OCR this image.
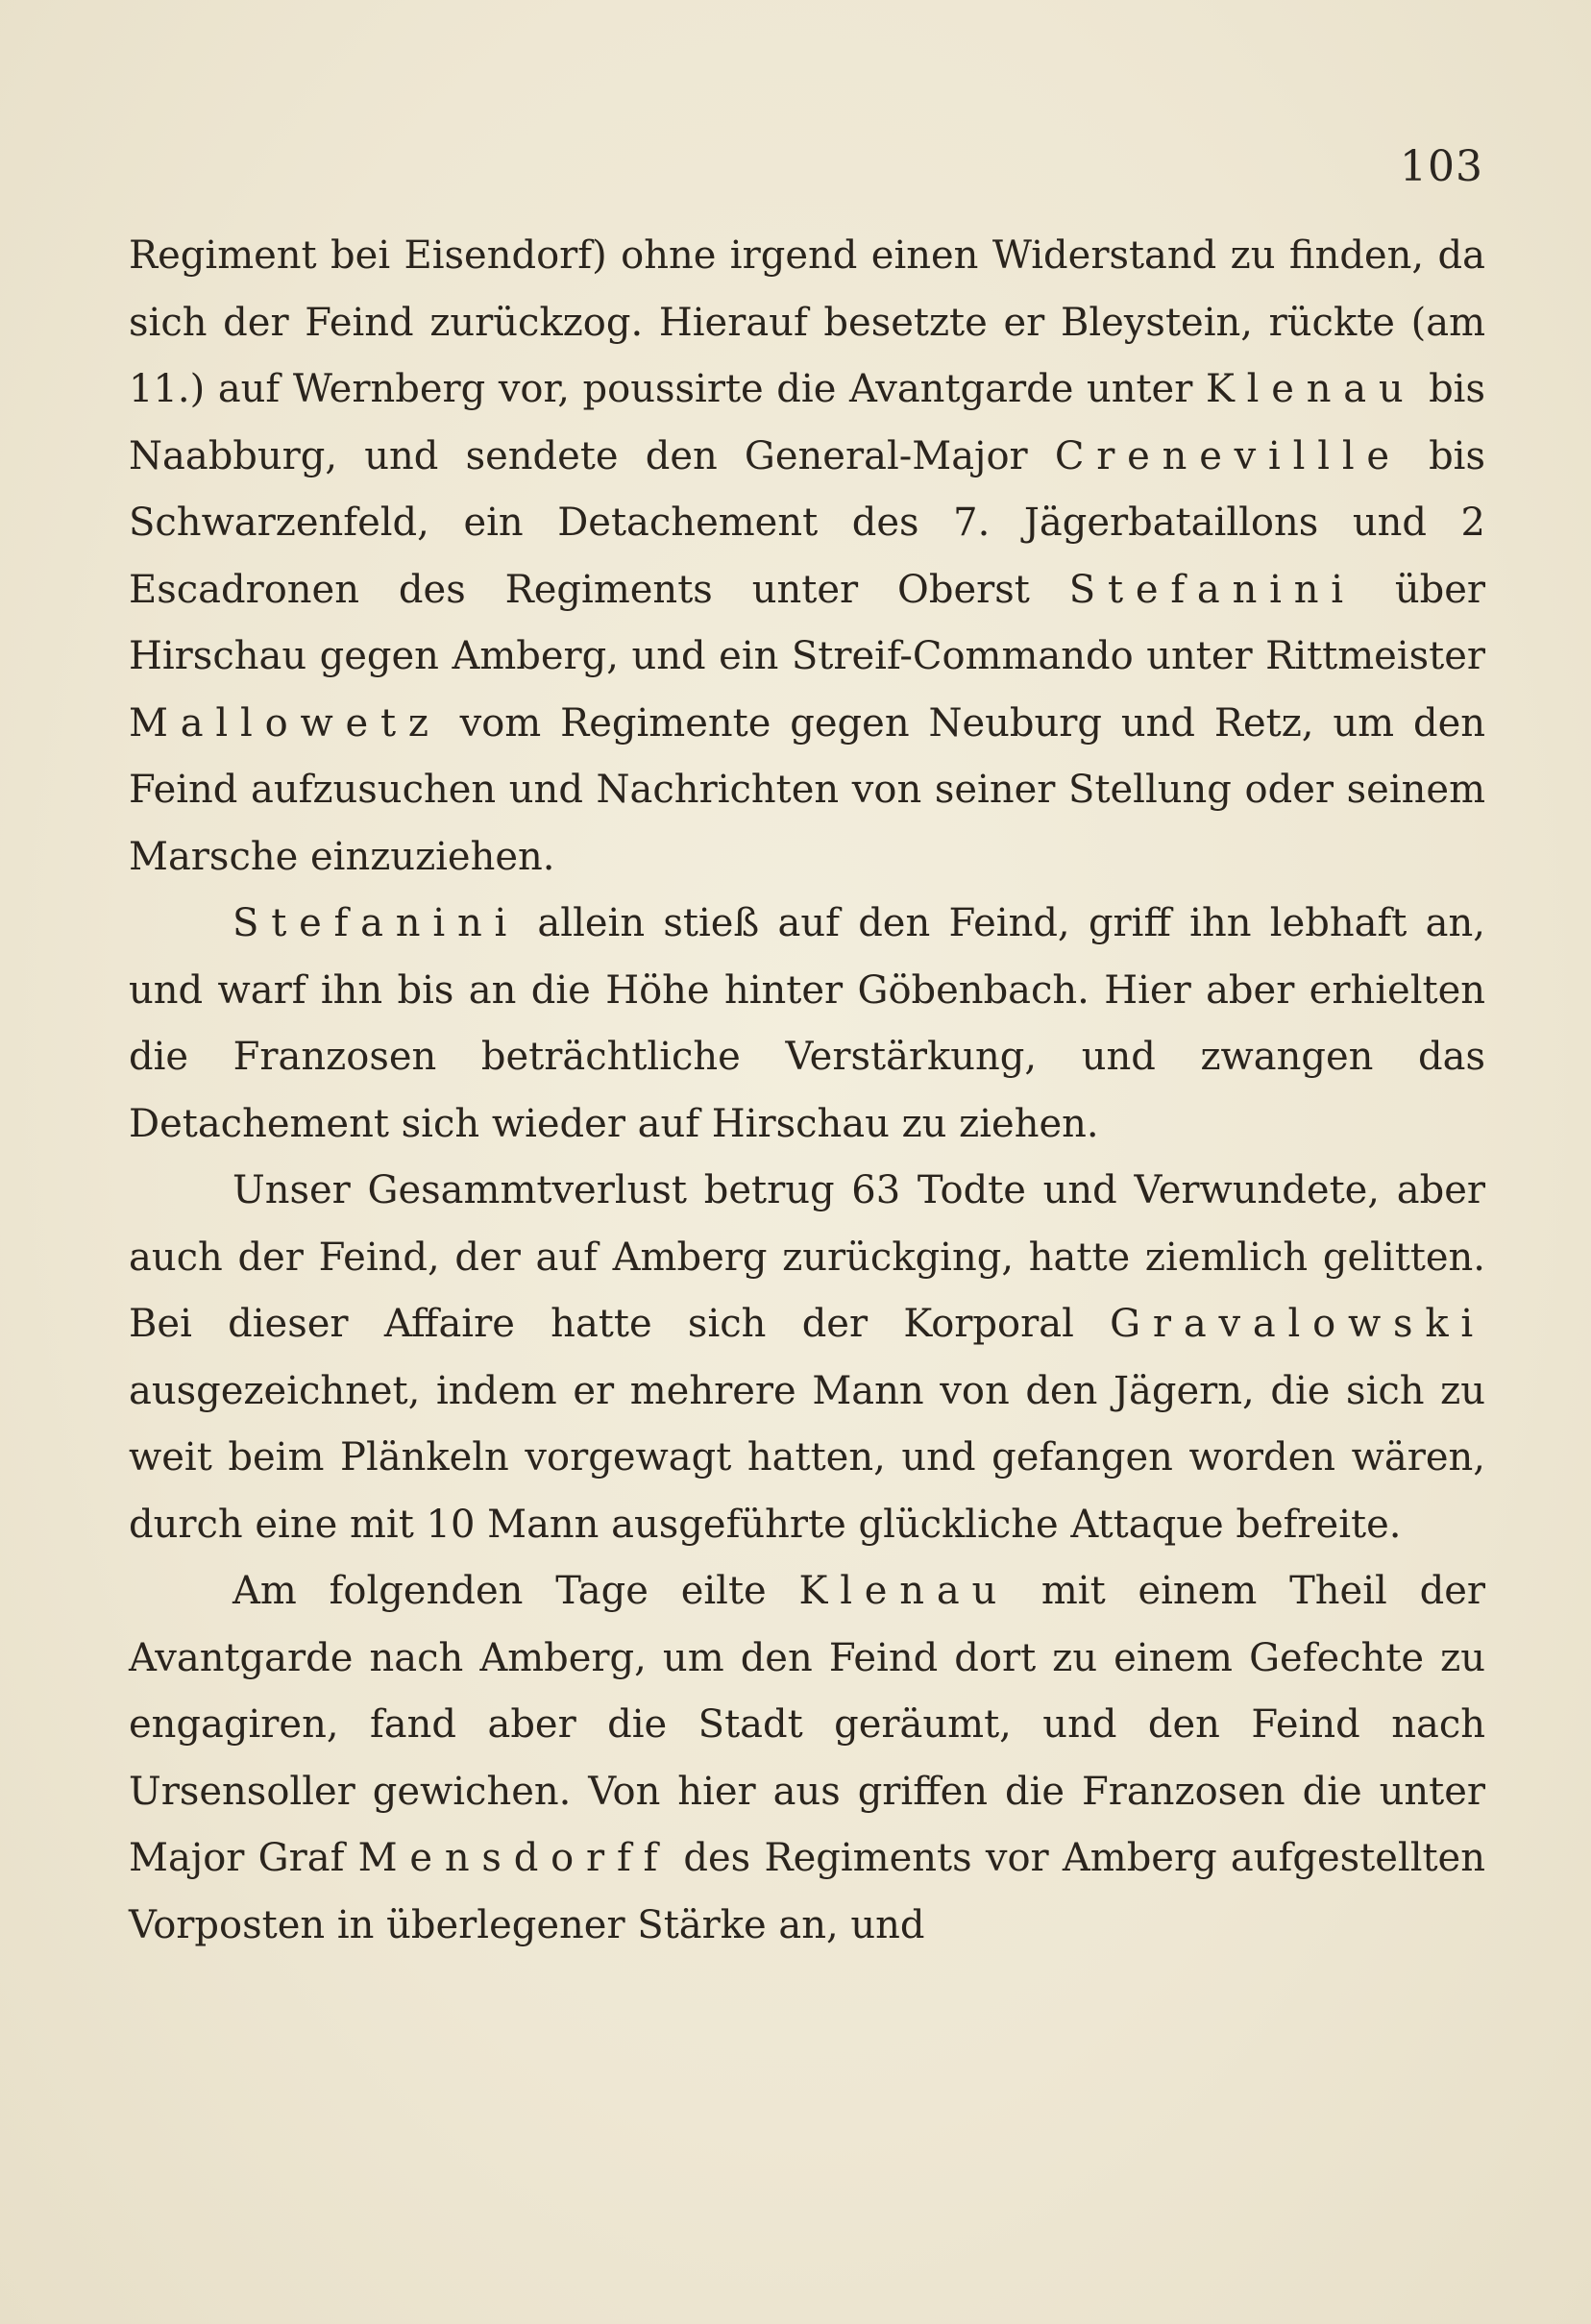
103

Regiment bei Eisendorf) ohne irgend einen Widerstand zu finden, da sich der Feind zurückzog. Hierauf besetzte er Bleystein, rückte (am 11.) auf Wernberg vor, poussirte die Avantgarde unter Klenau bis Naabburg, und sendete den General-Major Crenevillle bis Schwarzenfeld, ein Detachement des 7. Jägerbataillons und 2 Escadronen des Regiments unter Oberst Stefanini über Hirschau gegen Amberg, und ein Streif-Commando unter Rittmeister Mallowetz vom Regimente gegen Neuburg und Retz, um den Feind aufzusuchen und Nachrichten von seiner Stellung oder seinem Marsche einzuziehen.

Stefanini allein stieß auf den Feind, griff ihn lebhaft an, und warf ihn bis an die Höhe hinter Göbenbach. Hier aber erhielten die Franzosen beträchtliche Verstärkung, und zwangen das Detachement sich wieder auf Hirschau zu ziehen.

Unser Gesammtverlust betrug 63 Todte und Verwundete, aber auch der Feind, der auf Amberg zurückging, hatte ziemlich gelitten. Bei dieser Affaire hatte sich der Korporal Gravalowski ausgezeichnet, indem er mehrere Mann von den Jägern, die sich zu weit beim Plänkeln vorgewagt hatten, und gefangen worden wären, durch eine mit 10 Mann ausgeführte glückliche Attaque befreite.

Am folgenden Tage eilte Klenau mit einem Theil der Avantgarde nach Amberg, um den Feind dort zu einem Gefechte zu engagiren, fand aber die Stadt geräumt, und den Feind nach Ursensoller gewichen. Von hier aus griffen die Franzosen die unter Major Graf Mensdorff des Regiments vor Amberg aufgestellten Vorposten in überlegener Stärke an, und
